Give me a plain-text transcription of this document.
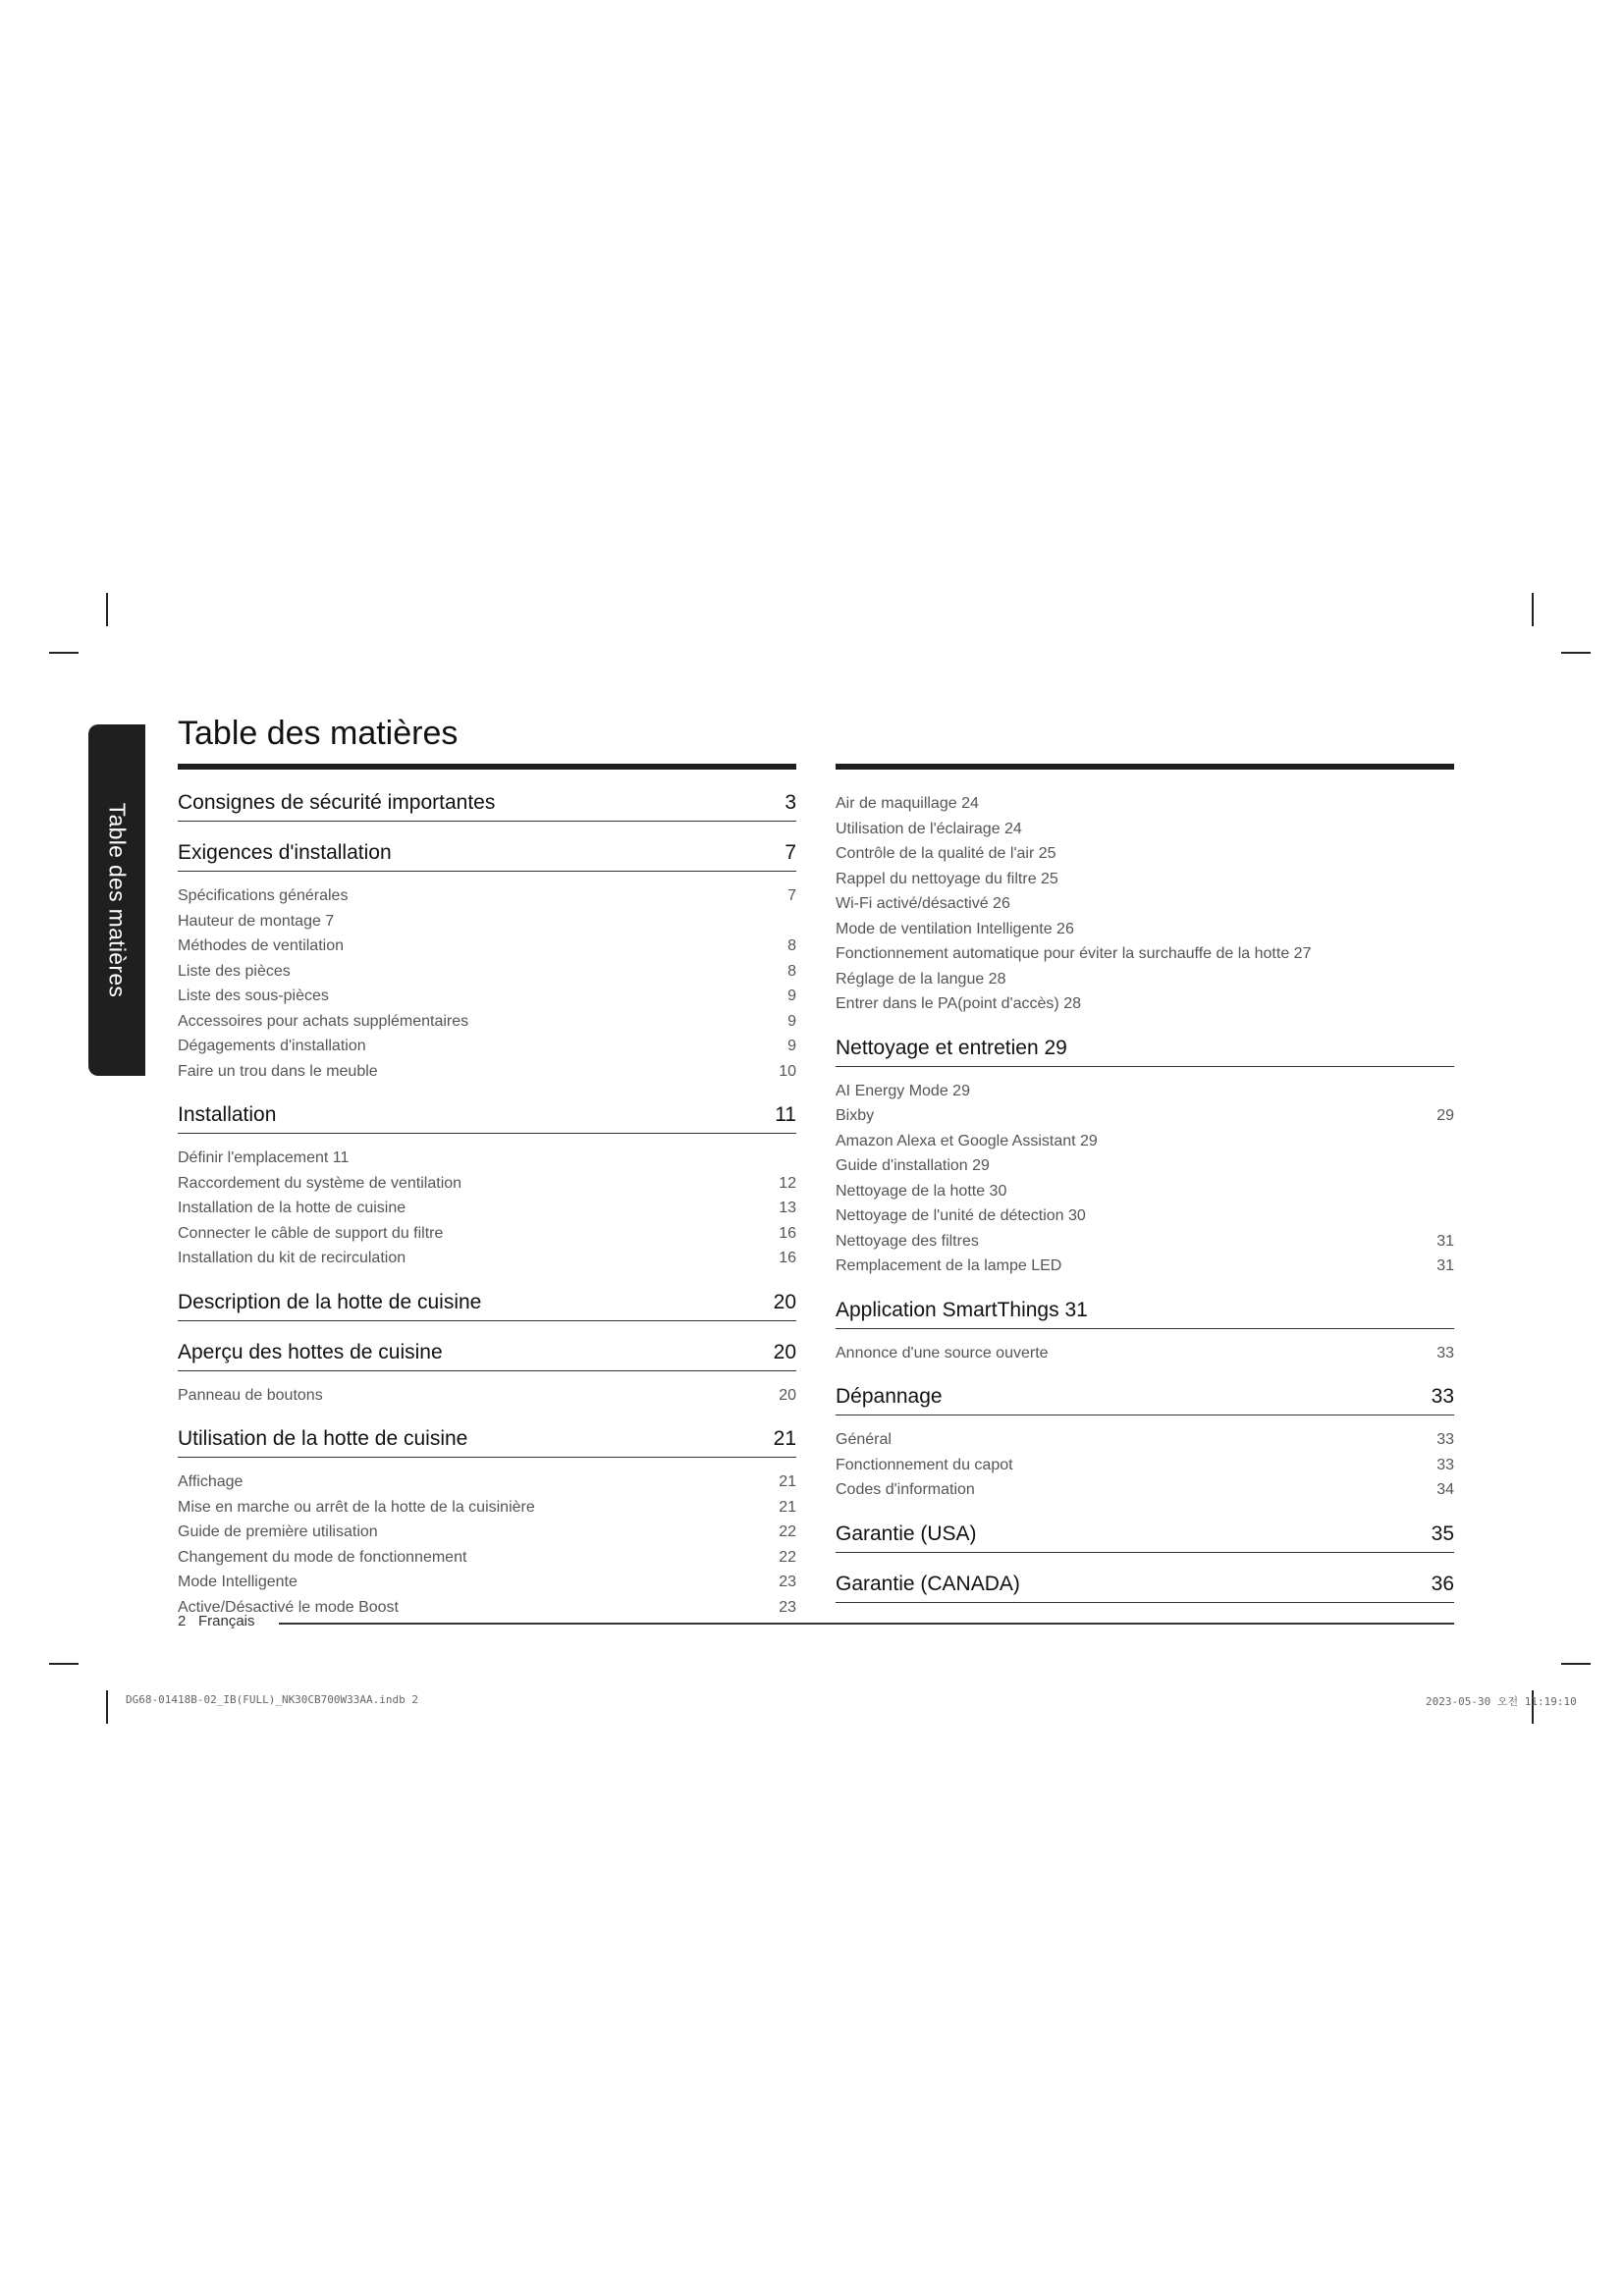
Table des matières
Table des matières
Consignes de sécurité importantes	3
Exigences d'installation	7
Spécifications générales	7
Hauteur de montage 7
Méthodes de ventilation	8
Liste des pièces	8
Liste des sous-pièces	9
Accessoires pour achats supplémentaires	9
Dégagements d'installation	9
Faire un trou dans le meuble	10
Installation	11
Définir l'emplacement 11
Raccordement du système de ventilation	12
Installation de la hotte de cuisine	13
Connecter le câble de support du filtre	16
Installation du kit de recirculation	16
Description de la hotte de cuisine	20
Aperçu des hottes de cuisine	20
Panneau de boutons	20
Utilisation de la hotte de cuisine	21
Affichage	21
Mise en marche ou arrêt de la hotte de la cuisinière	21
Guide de première utilisation	22
Changement du mode de fonctionnement	22
Mode Intelligente	23
Active/Désactivé le mode Boost	23
Air de maquillage 24
Utilisation de l'éclairage 24
Contrôle de la qualité de l'air 25
Rappel du nettoyage du filtre 25
Wi-Fi activé/désactivé 26
Mode de ventilation Intelligente 26
Fonctionnement automatique pour éviter la surchauffe de la hotte 27
Réglage de la langue 28
Entrer dans le PA(point d'accès) 28
Nettoyage et entretien 29
AI Energy Mode 29
Bixby	29
Amazon Alexa et Google Assistant 29
Guide d'installation 29
Nettoyage de la hotte 30
Nettoyage de l'unité de détection 30
Nettoyage des filtres	31
Remplacement de la lampe LED	31
Application SmartThings 31
Annonce d'une source ouverte	33
Dépannage	33
Général	33
Fonctionnement du capot	33
Codes d'information	34
Garantie (USA)	35
Garantie (CANADA)	36
2 Français
DG68-01418B-02_IB(FULL)_NK30CB700W33AA.indb 2	2023-05-30 오전 11:19:10
